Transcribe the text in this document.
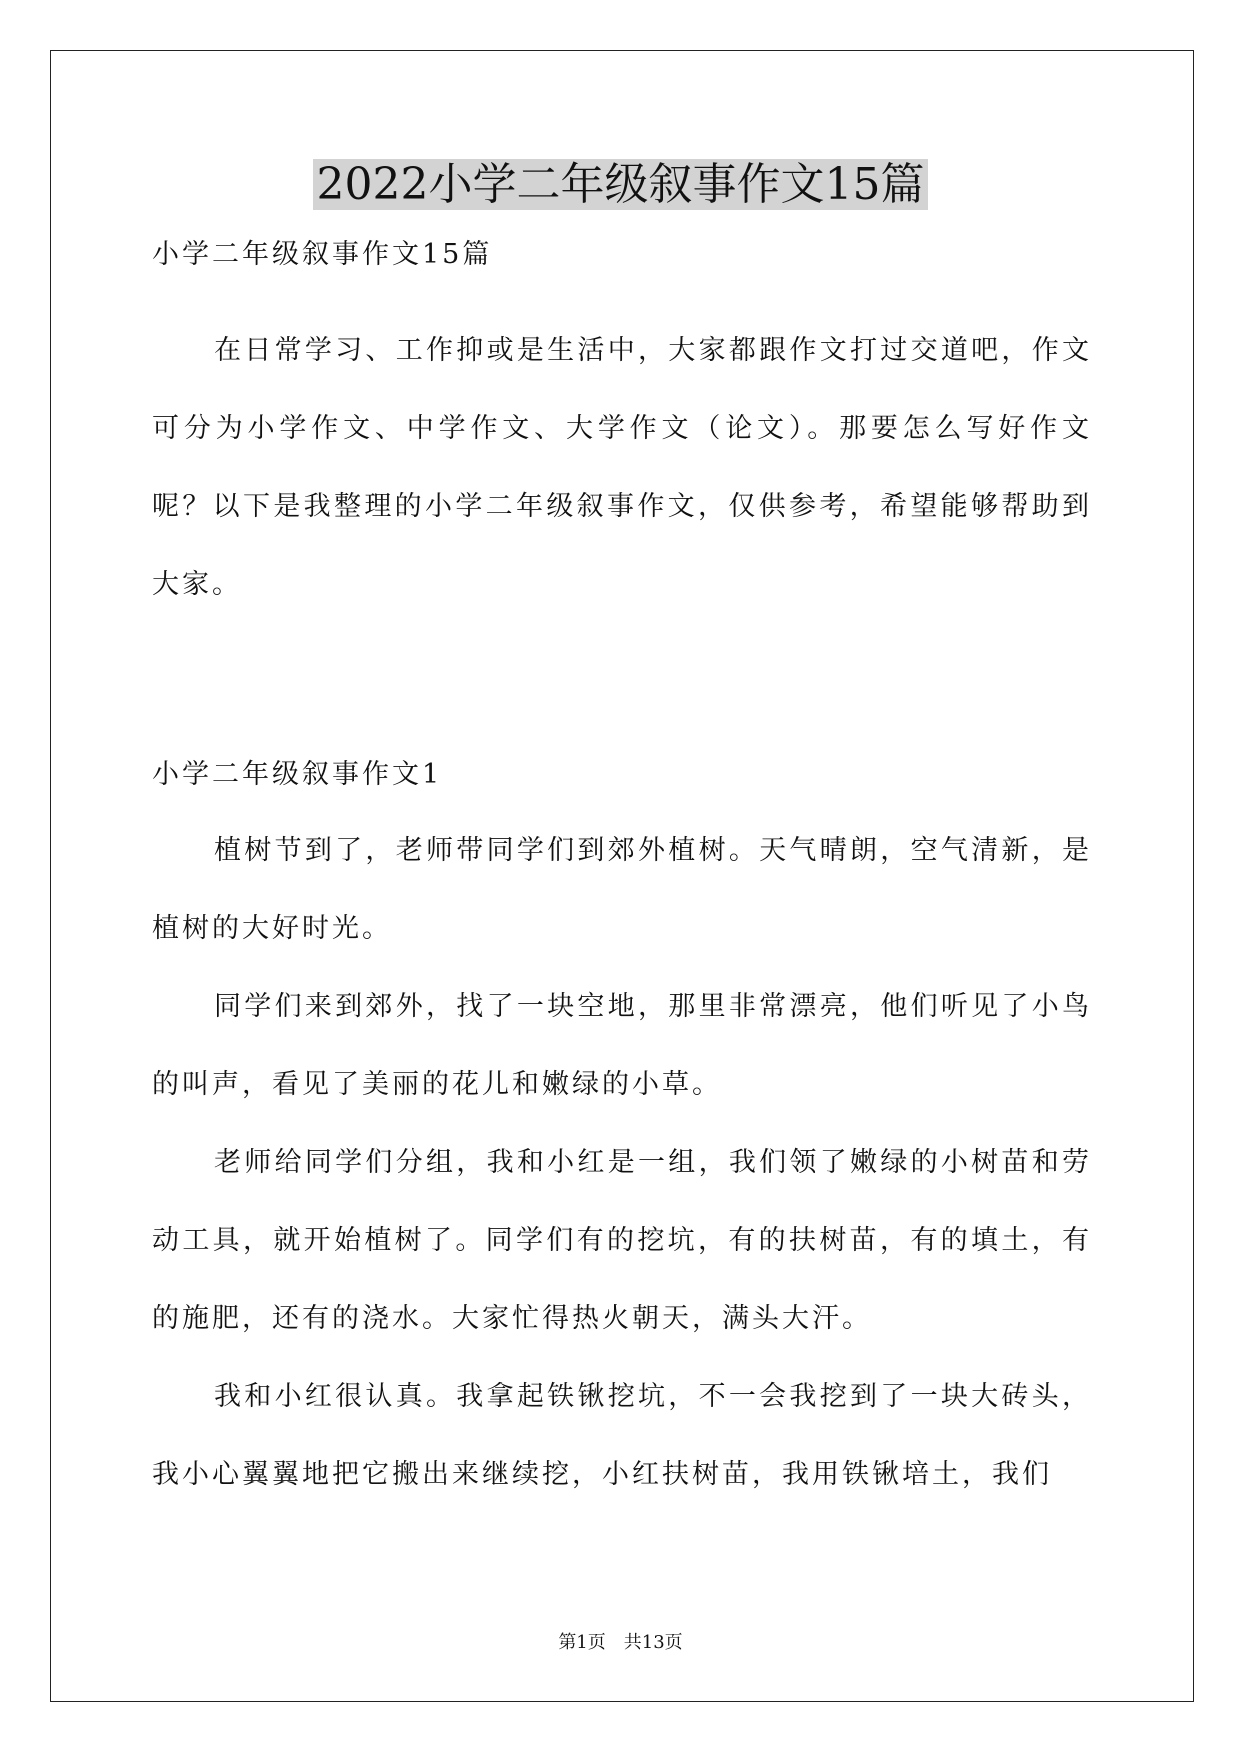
2022小学二年级叙事作文15篇
小学二年级叙事作文15篇

在日常学习、工作抑或是生活中，大家都跟作文打过交道吧，作文可分为小学作文、中学作文、大学作文（论文）。那要怎么写好作文呢？以下是我整理的小学二年级叙事作文，仅供参考，希望能够帮助到大家。

小学二年级叙事作文1

植树节到了，老师带同学们到郊外植树。天气晴朗，空气清新，是植树的大好时光。

同学们来到郊外，找了一块空地，那里非常漂亮，他们听见了小鸟的叫声，看见了美丽的花儿和嫩绿的小草。

老师给同学们分组，我和小红是一组，我们领了嫩绿的小树苗和劳动工具，就开始植树了。同学们有的挖坑，有的扶树苗，有的填土，有的施肥，还有的浇水。大家忙得热火朝天，满头大汗。

我和小红很认真。我拿起铁锹挖坑，不一会我挖到了一块大砖头，我小心翼翼地把它搬出来继续挖，小红扶树苗，我用铁锹培土，我们

第1页　共13页
